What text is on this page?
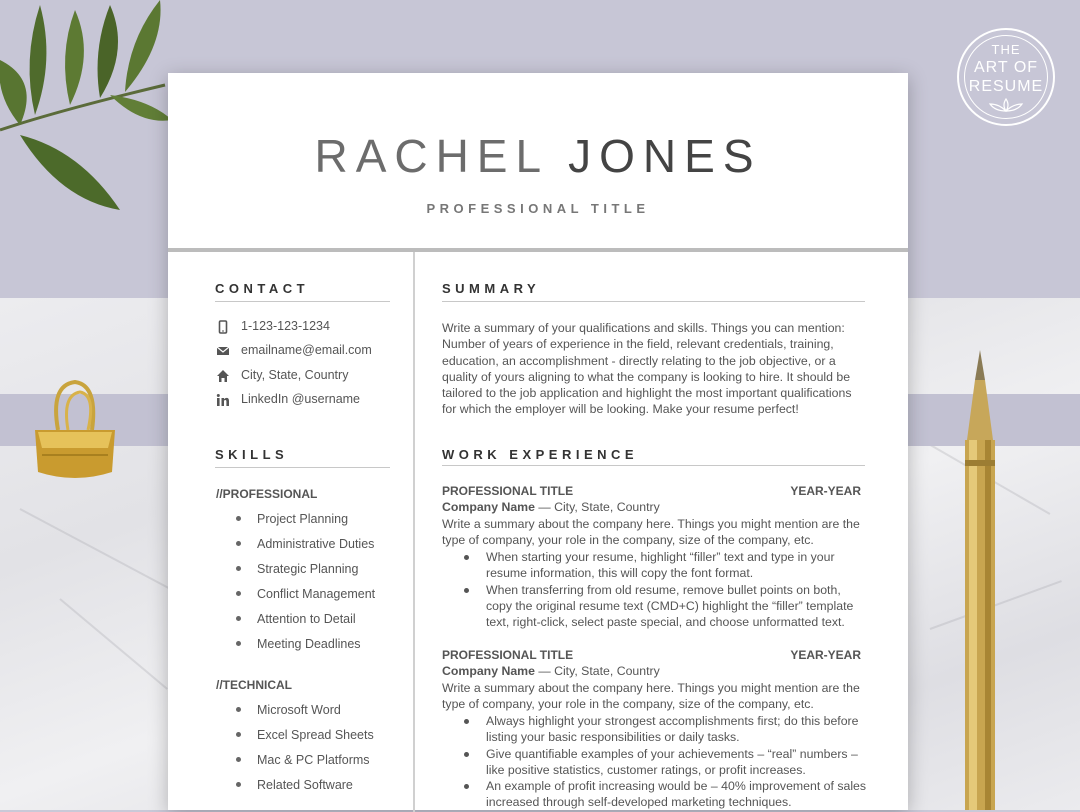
THE
ART OF
RESUME
RACHEL JONES
PROFESSIONAL TITLE
CONTACT
1-123-123-1234
emailname@email.com
City, State, Country
LinkedIn @username
SKILLS
//PROFESSIONAL
Project Planning
Administrative Duties
Strategic Planning
Conflict Management
Attention to Detail
Meeting Deadlines
//TECHNICAL
Microsoft Word
Excel Spread Sheets
Mac & PC Platforms
Related Software
SUMMARY
Write a summary of your qualifications and skills. Things you can mention: Number of years of experience in the field, relevant credentials, training, education, an accomplishment - directly relating to the job objective, or a quality of yours aligning to what the company is looking to hire. It should be tailored to the job application and highlight the most important qualifications for which the employer will be looking. Make your resume perfect!
WORK EXPERIENCE
PROFESSIONAL TITLE	YEAR-YEAR
Company Name — City, State, Country
Write a summary about the company here. Things you might mention are the type of company, your role in the company, size of the company, etc.
When starting your resume, highlight “filler” text and type in your resume information, this will copy the font format.
When transferring from old resume, remove bullet points on both, copy the original resume text (CMD+C) highlight the “filler” template text, right-click, select paste special, and choose unformatted text.
PROFESSIONAL TITLE	YEAR-YEAR
Company Name — City, State, Country
Write a summary about the company here. Things you might mention are the type of company, your role in the company, size of the company, etc.
Always highlight your strongest accomplishments first; do this before listing your basic responsibilities or daily tasks.
Give quantifiable examples of your achievements – “real” numbers – like positive statistics, customer ratings, or profit increases.
An example of profit increasing would be – 40% improvement of sales increased through self-developed marketing techniques.
